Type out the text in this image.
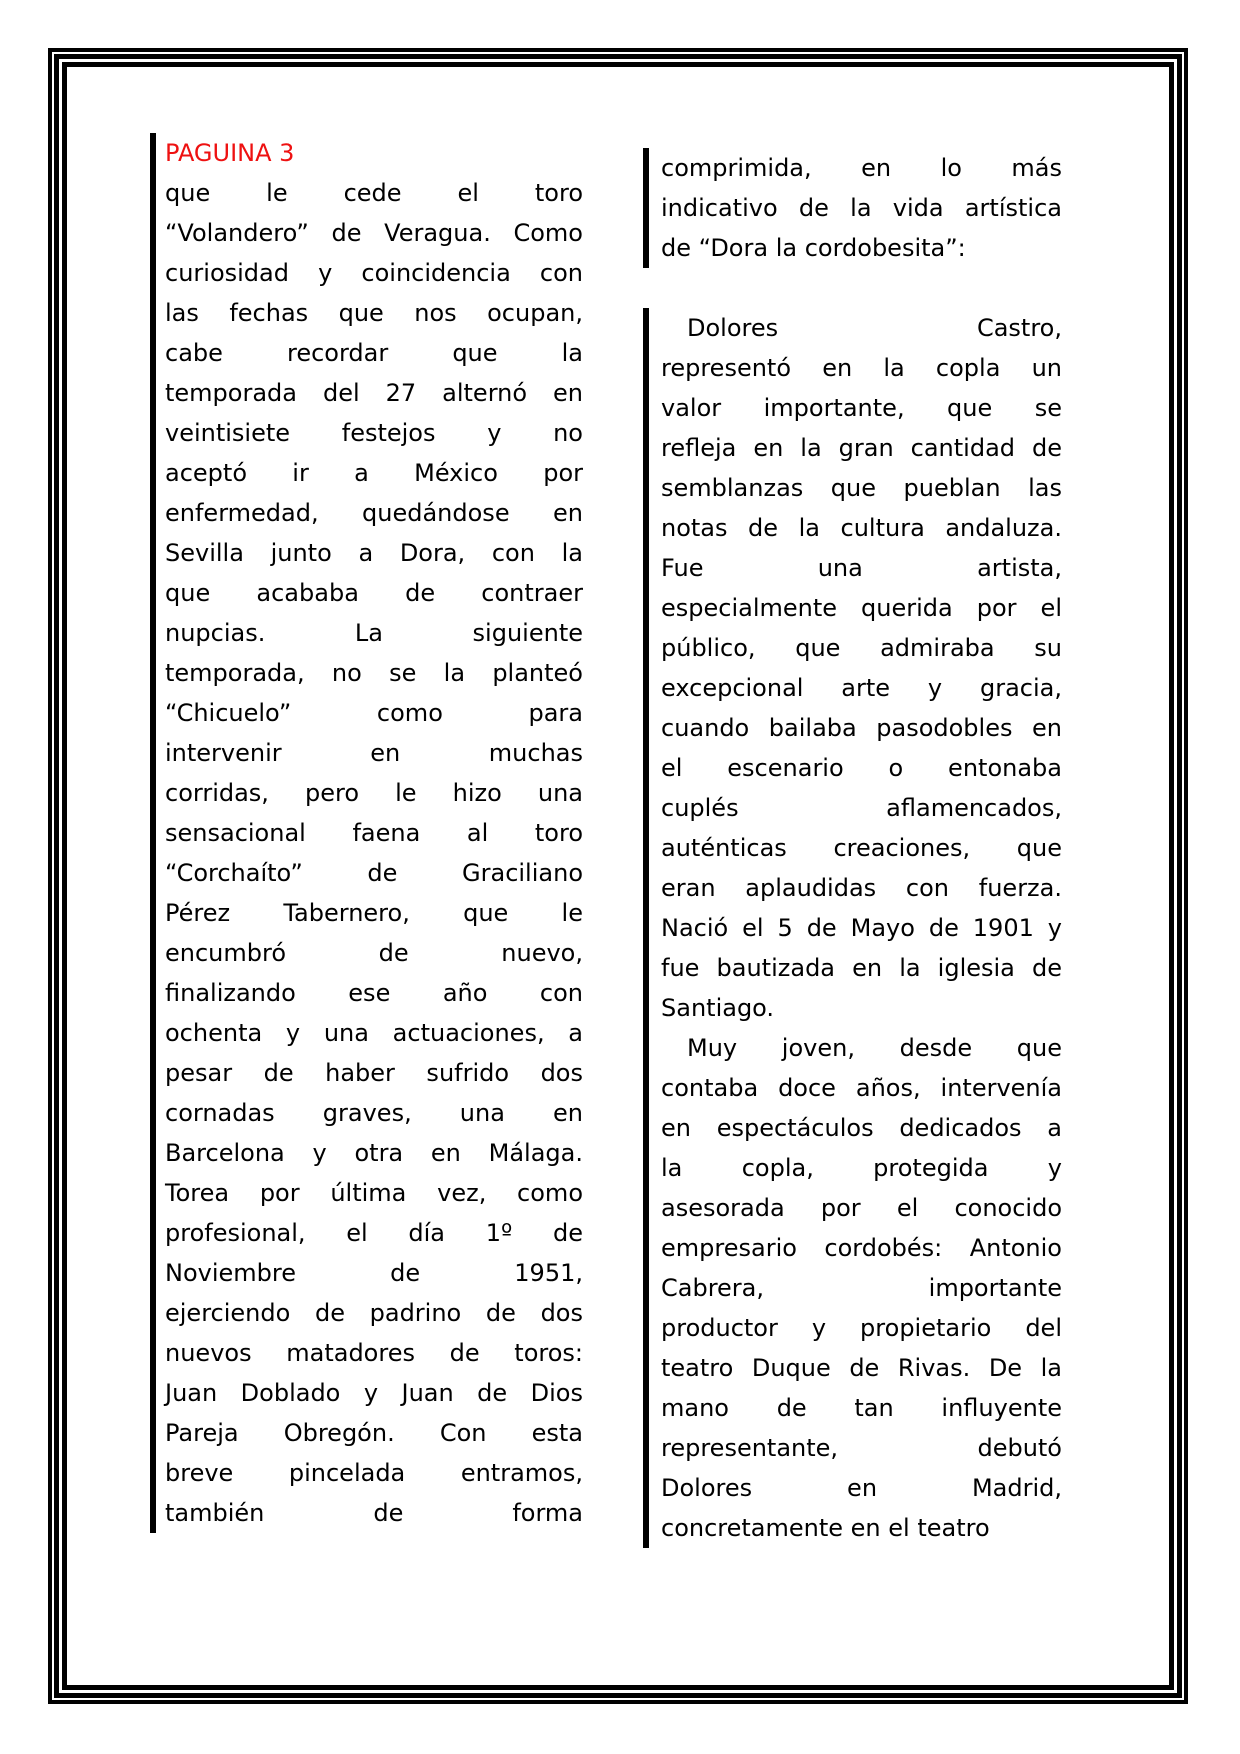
PAGUINA 3
que le cede el toro
“Volandero” de Veragua. Como
curiosidad y coincidencia con
las fechas que nos ocupan,
cabe recordar que la
temporada del 27 alternó en
veintisiete festejos y no
aceptó ir a México por
enfermedad, quedándose en
Sevilla junto a Dora, con la
que acababa de contraer
nupcias. La siguiente
temporada, no se la planteó
“Chicuelo” como para
intervenir en muchas
corridas, pero le hizo una
sensacional faena al toro
“Corchaíto” de Graciliano
Pérez Tabernero, que le
encumbró de nuevo,
finalizando ese año con
ochenta y una actuaciones, a
pesar de haber sufrido dos
cornadas graves, una en
Barcelona y otra en Málaga.
Torea por última vez, como
profesional, el día 1º de
Noviembre de 1951,
ejerciendo de padrino de dos
nuevos matadores de toros:
Juan Doblado y Juan de Dios
Pareja Obregón. Con esta
breve pincelada entramos,
también de forma
comprimida, en lo más
indicativo de la vida artística
de “Dora la cordobesita”:
Dolores Castro,
representó en la copla un
valor importante, que se
refleja en la gran cantidad de
semblanzas que pueblan las
notas de la cultura andaluza.
Fue una artista,
especialmente querida por el
público, que admiraba su
excepcional arte y gracia,
cuando bailaba pasodobles en
el escenario o entonaba
cuplés aflamencados,
auténticas creaciones, que
eran aplaudidas con fuerza.
Nació el 5 de Mayo de 1901 y
fue bautizada en la iglesia de
Santiago.
Muy joven, desde que
contaba doce años, intervenía
en espectáculos dedicados a
la copla, protegida y
asesorada por el conocido
empresario cordobés: Antonio
Cabrera, importante
productor y propietario del
teatro Duque de Rivas. De la
mano de tan influyente
representante, debutó
Dolores en Madrid,
concretamente en el teatro
